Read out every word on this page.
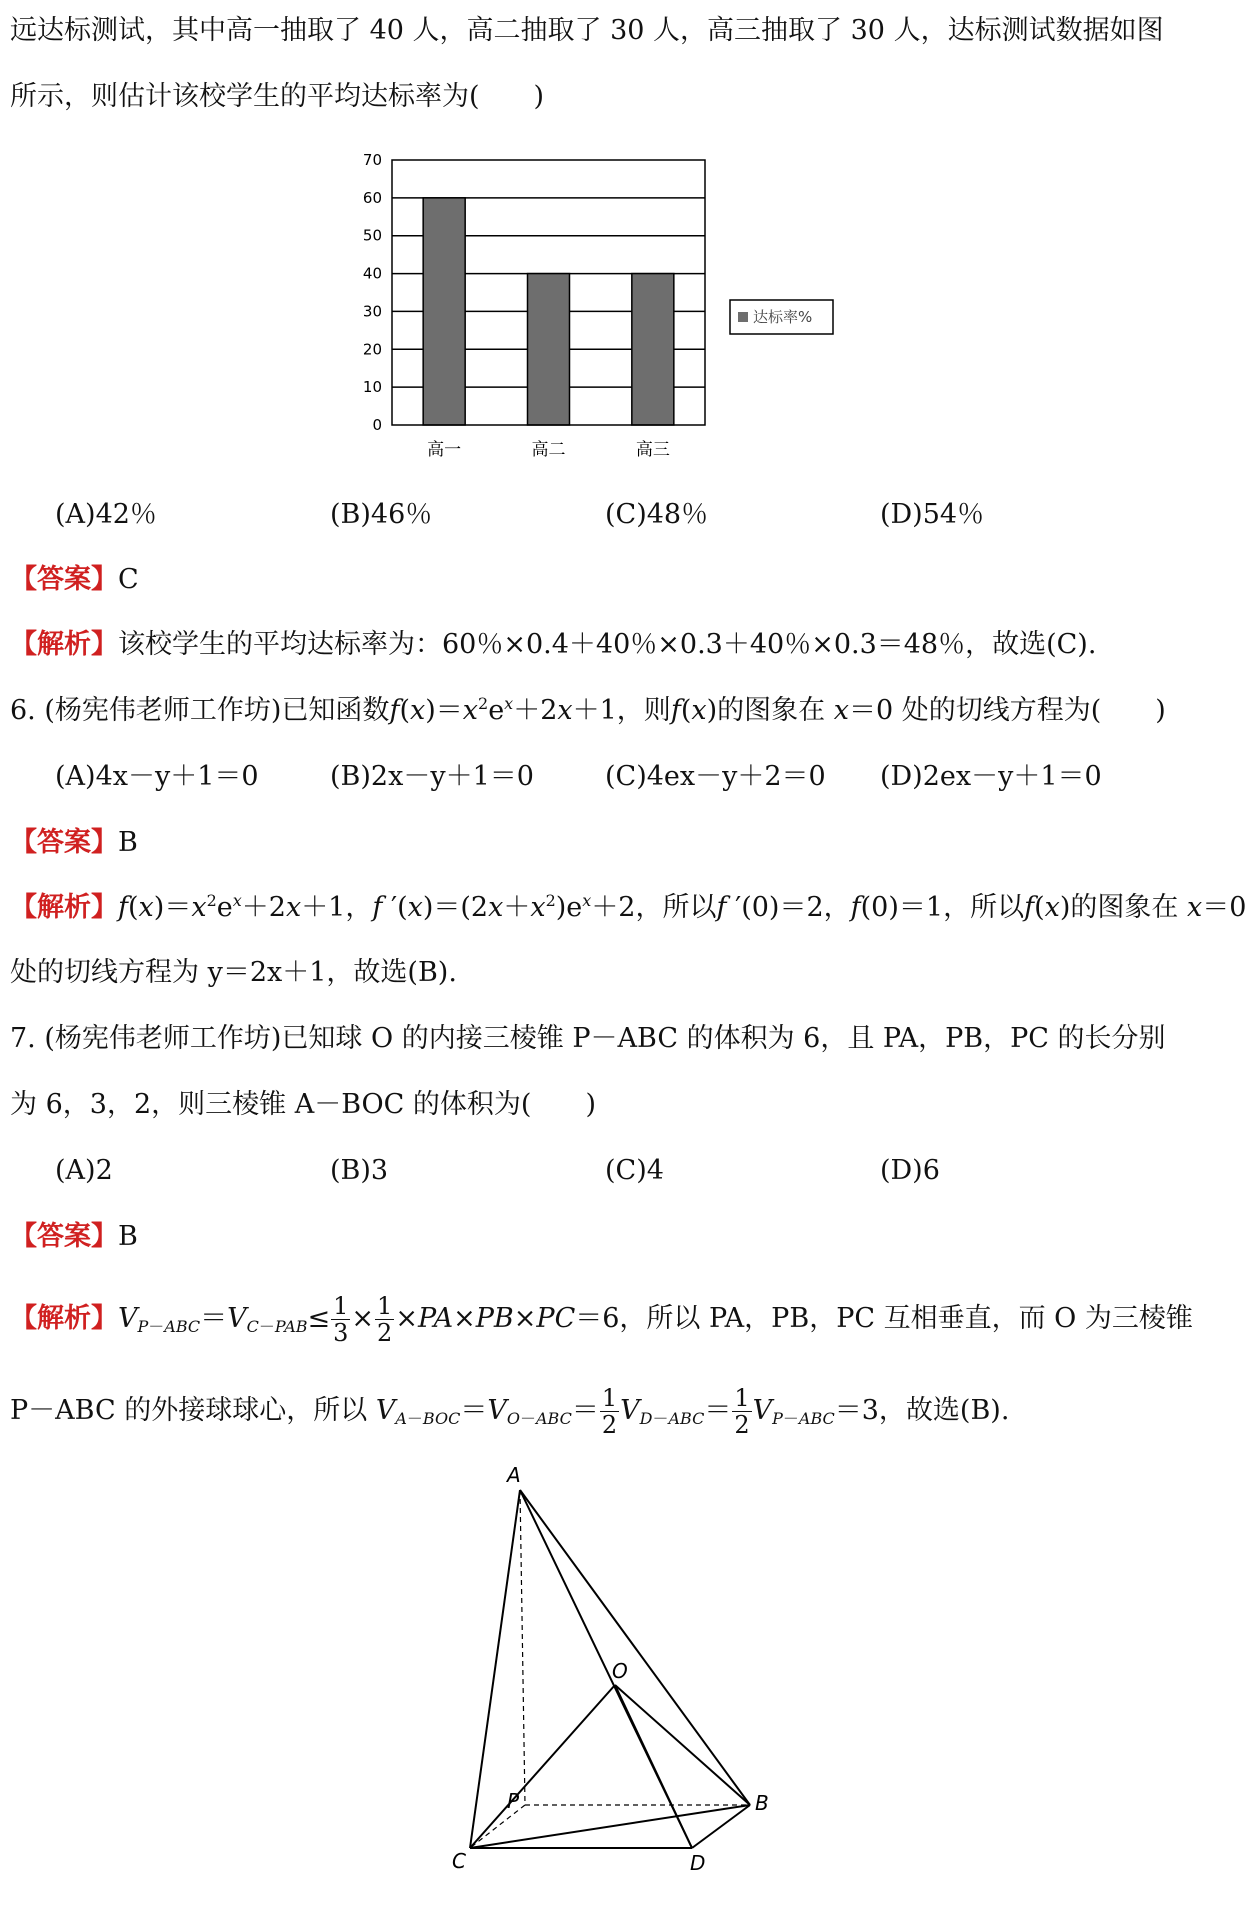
远达标测试，其中高一抽取了 40 人，高二抽取了 30 人，高三抽取了 30 人，达标测试数据如图
所示，则估计该校学生的平均达标率为(　　)
0
10
20
30
40
50
60
70
高一	高二	高三
达标率%
(A)42％	(B)46％	(C)48％	(D)54％
【答案】C
【解析】该校学生的平均达标率为：60％×0.4＋40％×0.3＋40％×0.3＝48％，故选(C).
6. (杨宪伟老师工作坊)已知函数$f(x)=x^2e^x+2x+1$，则f(x)的图象在 x＝0 处的切线方程为(　　)
(A)4x－y＋1＝0	(B)2x－y＋1＝0	(C)4ex－y＋2＝0 (D)2ex－y＋1＝0
【答案】B
【解析】$f(x)=x^2e^x+2x+1$，f $'(x)=(2x+x^2)e^x+2$，所以f ′(0)＝2，f(0)＝1，所以f(x)的图象在 x＝0
处的切线方程为 y＝2x＋1，故选(B).
7. (杨宪伟老师工作坊)已知球 O 的内接三棱锥 P－ABC 的体积为 6，且 PA，PB，PC 的长分别
为 6，3，2，则三棱锥 A－BOC 的体积为(　　)
(A)2	(B)3	(C)4	(D)6
【答案】B
【解析】$V_{P-ABC}=V_{C-PAB}\le \frac{1}{3} \times \frac{1}{2} \times PA\times PB\times PC=6$，所以 PA，PB，PC 互相垂直，而 O 为三棱锥
P－ABC 的外接球球心，所以 $V_{A-BOC}=V_{O-ABC}= \frac{1}{2} V_{D-ABC}= \frac{1}{2} V_{P-ABC}=3$，故选(B).
A
O
P	B
C	D
